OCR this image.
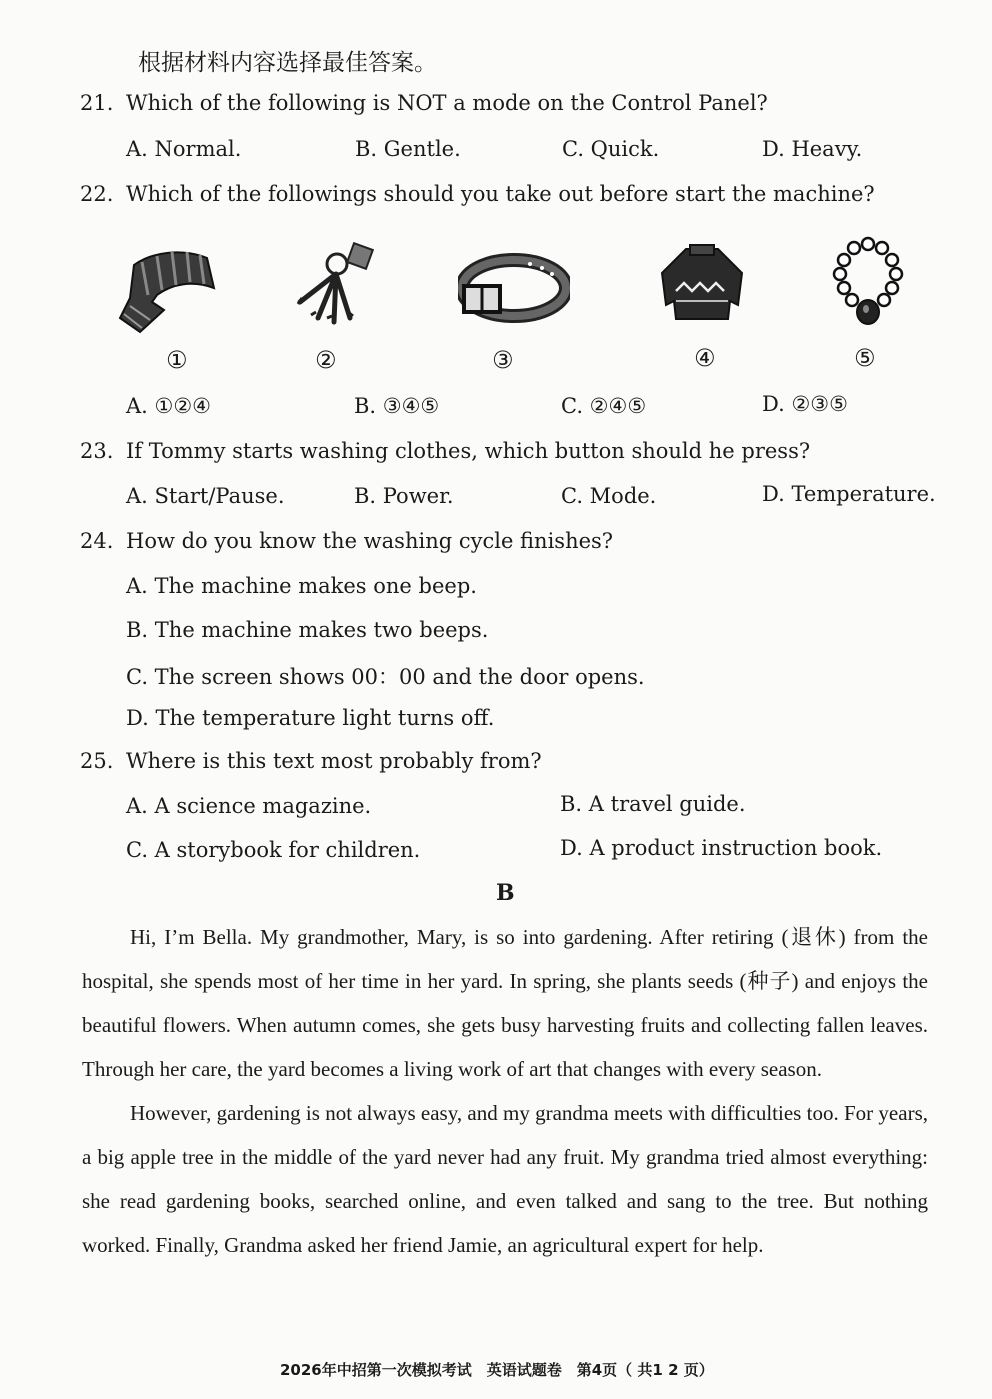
根据材料内容选择最佳答案。
21. Which of the following is NOT a mode on the Control Panel?
A. Normal.	B. Gentle.	C. Quick.	D. Heavy.
22. Which of the followings should you take out before start the machine?
①	②	③	④	⑤
A. ①②④	B. ③④⑤	C. ②④⑤	D. ②③⑤
23. If Tommy starts washing clothes, which button should he press?
A. Start/Pause.	B. Power.	C. Mode.	D. Temperature.
24. How do you know the washing cycle finishes?
A. The machine makes one beep.
B. The machine makes two beeps.
C. The screen shows 00：00 and the door opens.
D. The temperature light turns off.
25. Where is this text most probably from?
A. A science magazine.	B. A travel guide.
C. A storybook for children.	D. A product instruction book.
B

Hi, I’m Bella. My grandmother, Mary, is so into gardening. After retiring (退休) from the hospital, she spends most of her time in her yard. In spring, she plants seeds (种子) and enjoys the beautiful flowers. When autumn comes, she gets busy harvesting fruits and collecting fallen leaves. Through her care, the yard becomes a living work of art that changes with every season.

However, gardening is not always easy, and my grandma meets with difficulties too. For years, a big apple tree in the middle of the yard never had any fruit. My grandma tried almost everything: she read gardening books, searched online, and even talked and sang to the tree. But nothing worked. Finally, Grandma asked her friend Jamie, an agricultural expert for help.

2026年中招第一次模拟考试　英语试题卷　第4页（ 共1 2 页）
